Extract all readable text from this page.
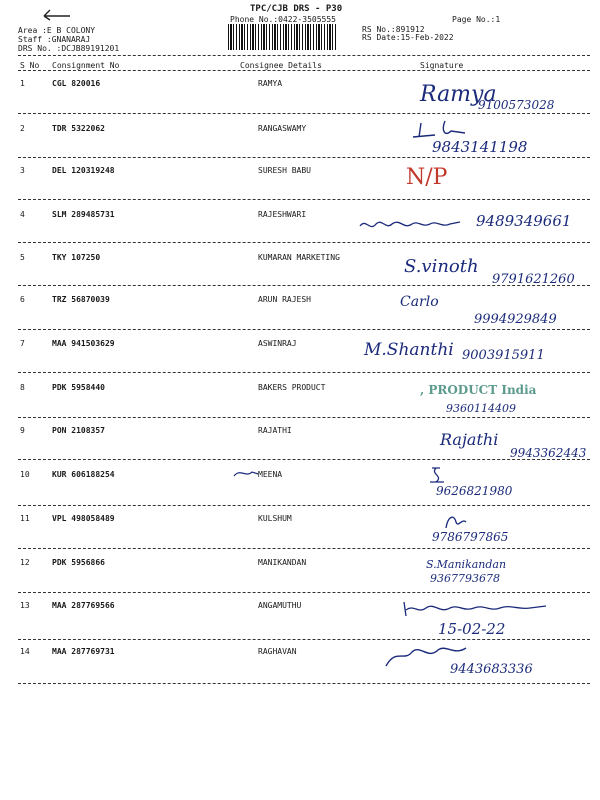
TPC/CJB DRS - P30
Phone No.:0422-3505555
Area :E B COLONY
Staff :GNANARAJ
DRS No. :DCJB89191201
RS No.:891912
RS Date:15-Feb-2022
Page No.:1
S No Consignment No	Consignee Details	Signature
1	CGL 820016	RAMYA	Ramya
9100573028
2	TDR 5322062	RANGASWAMY
9843141198
3	DEL 120319248	SURESH BABU	N/P
4	SLM 289485731	RAJESHWARI	9489349661
5	TKY 107250	KUMARAN MARKETING	S.vinoth
9791621260
6	TRZ 56870039	ARUN RAJESH	Carlo
9994929849
7	MAA 941503629	ASWINRAJ	M.Shanthi 9003915911
8	PDK 5958440	BAKERS PRODUCT	, PRODUCT India
9360114409
9	PON 2108357	RAJATHI	Rajathi
9943362443
10	KUR 606188254	MEENA
9626821980
11	VPL 498058489	KULSHUM
9786797865
12	PDK 5956866	MANIKANDAN	S.Manikandan
9367793678
13	MAA 287769566	ANGAMUTHU
15-02-22
14	MAA 287769731	RAGHAVAN
9443683336
